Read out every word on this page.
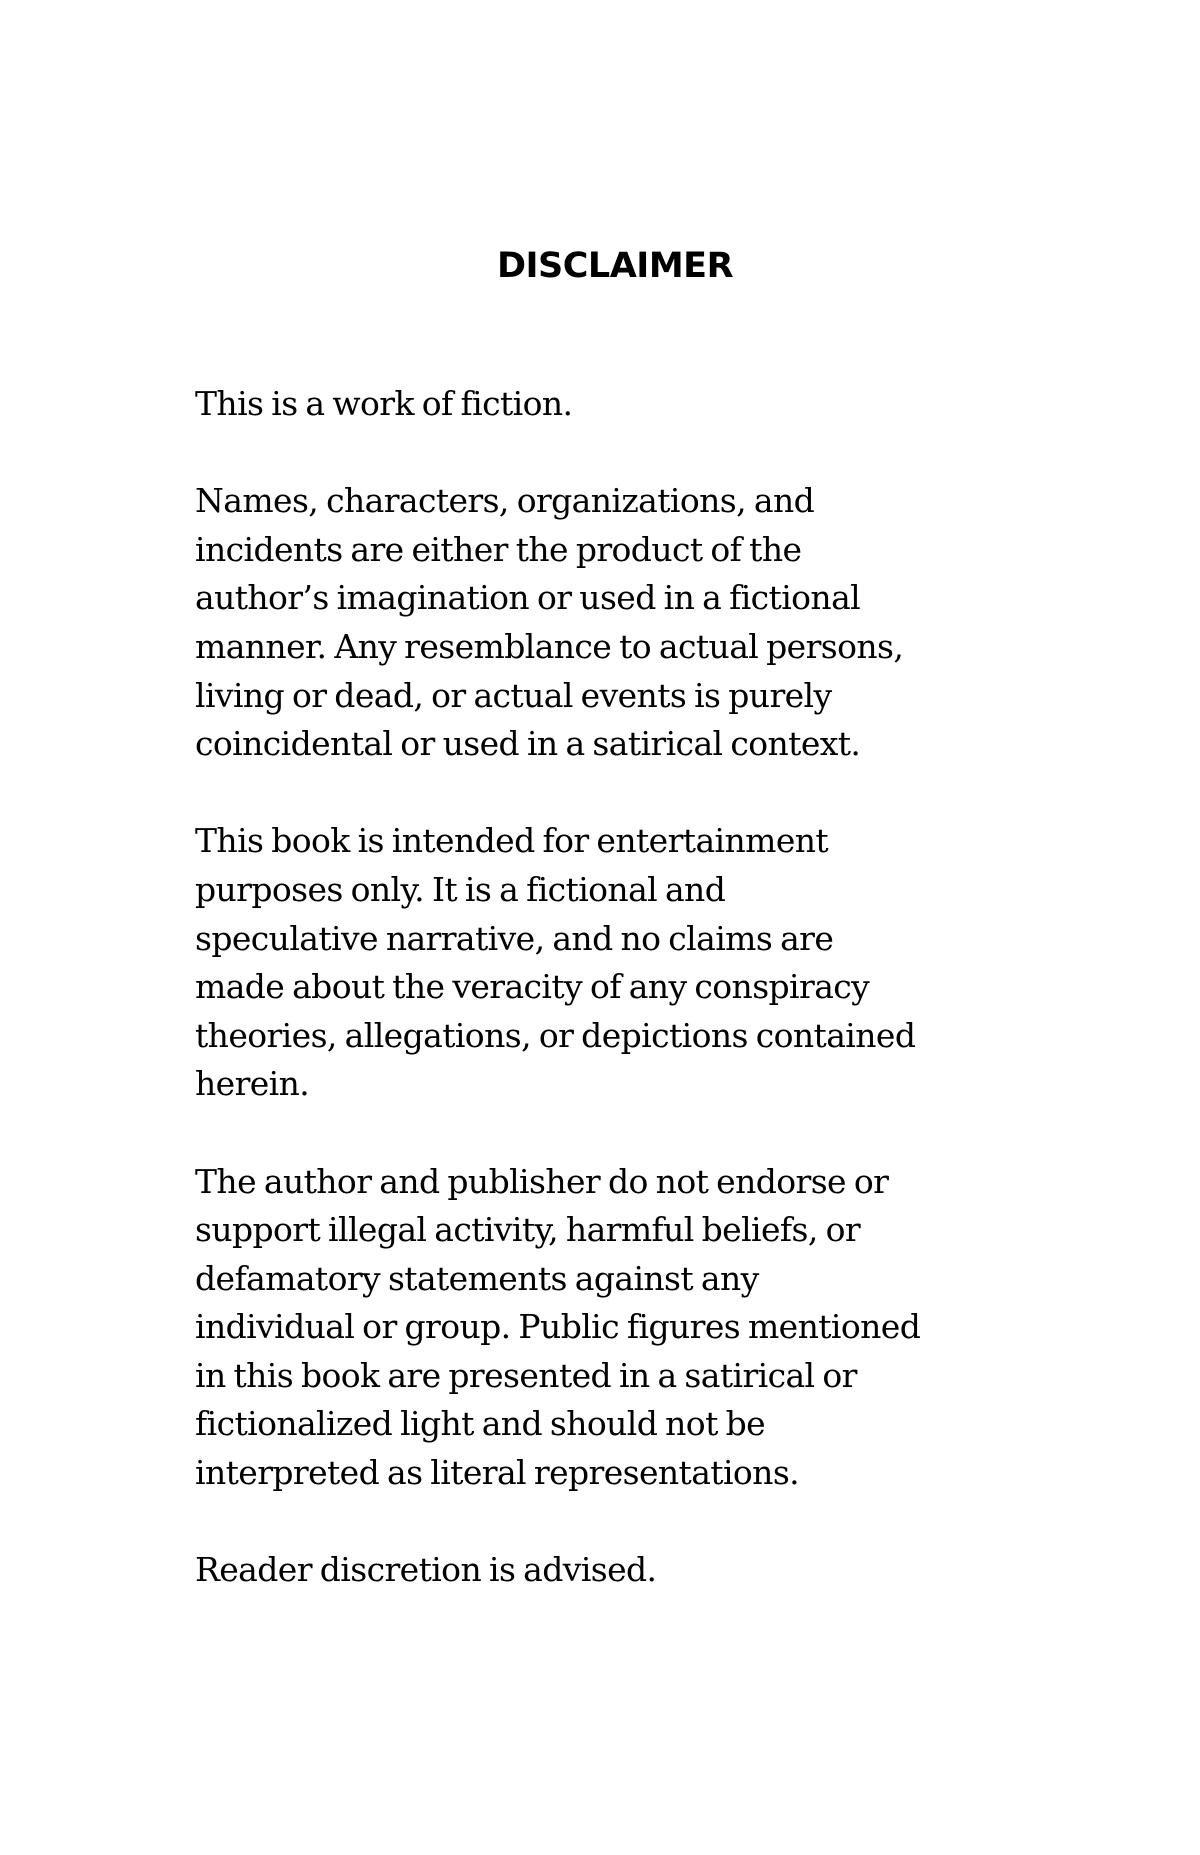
DISCLAIMER

This is a work of fiction.

Names, characters, organizations, and
incidents are either the product of the
author’s imagination or used in a fictional
manner. Any resemblance to actual persons,
living or dead, or actual events is purely
coincidental or used in a satirical context.

This book is intended for entertainment
purposes only. It is a fictional and
speculative narrative, and no claims are
made about the veracity of any conspiracy
theories, allegations, or depictions contained
herein.

The author and publisher do not endorse or
support illegal activity, harmful beliefs, or
defamatory statements against any
individual or group. Public figures mentioned
in this book are presented in a satirical or
fictionalized light and should not be
interpreted as literal representations.

Reader discretion is advised.
